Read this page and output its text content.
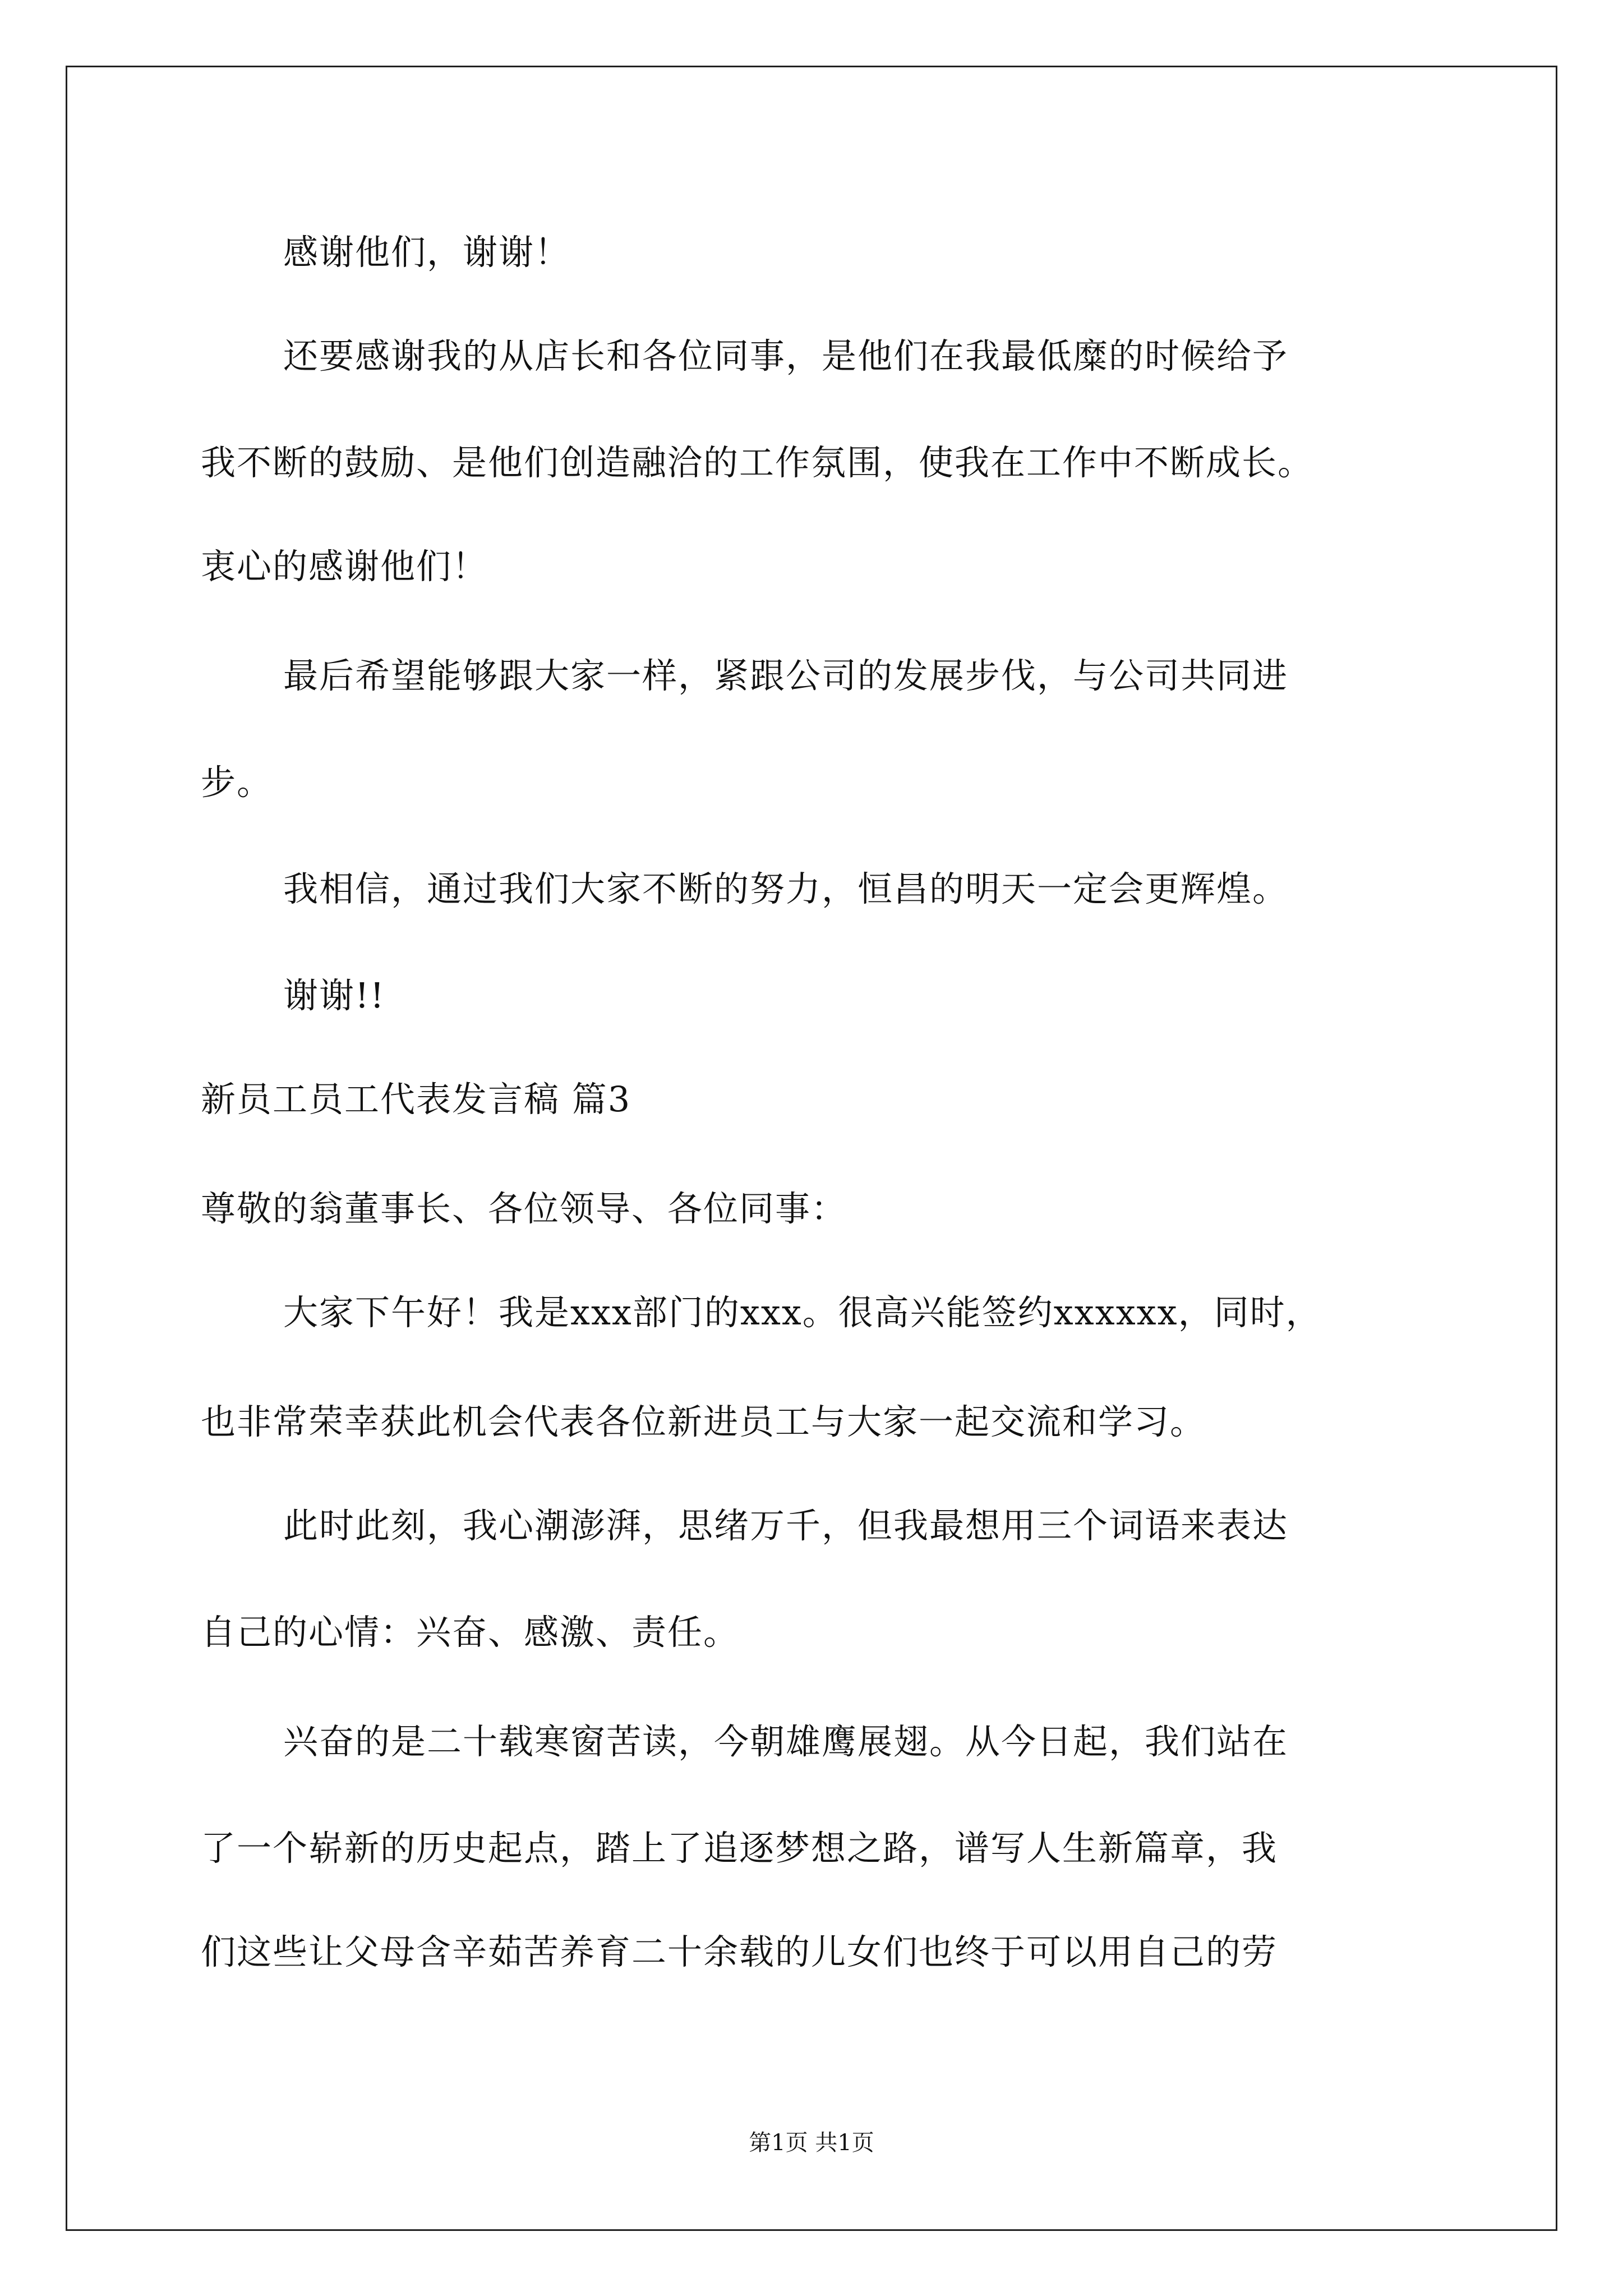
感谢他们，谢谢！
还要感谢我的从店长和各位同事，是他们在我最低糜的时候给予
我不断的鼓励、是他们创造融洽的工作氛围，使我在工作中不断成长。
衷心的感谢他们！
最后希望能够跟大家一样，紧跟公司的发展步伐，与公司共同进
步。
我相信，通过我们大家不断的努力，恒昌的明天一定会更辉煌。
谢谢!!
新员工员工代表发言稿 篇3
尊敬的翁董事长、各位领导、各位同事：
大家下午好！我是xxx部门的xxx。很高兴能签约xxxxxx，同时，
也非常荣幸获此机会代表各位新进员工与大家一起交流和学习。
此时此刻，我心潮澎湃，思绪万千，但我最想用三个词语来表达
自己的心情：兴奋、感激、责任。
兴奋的是二十载寒窗苦读，今朝雄鹰展翅。从今日起，我们站在
了一个崭新的历史起点，踏上了追逐梦想之路，谱写人生新篇章，我
们这些让父母含辛茹苦养育二十余载的儿女们也终于可以用自己的劳
第1页 共1页
